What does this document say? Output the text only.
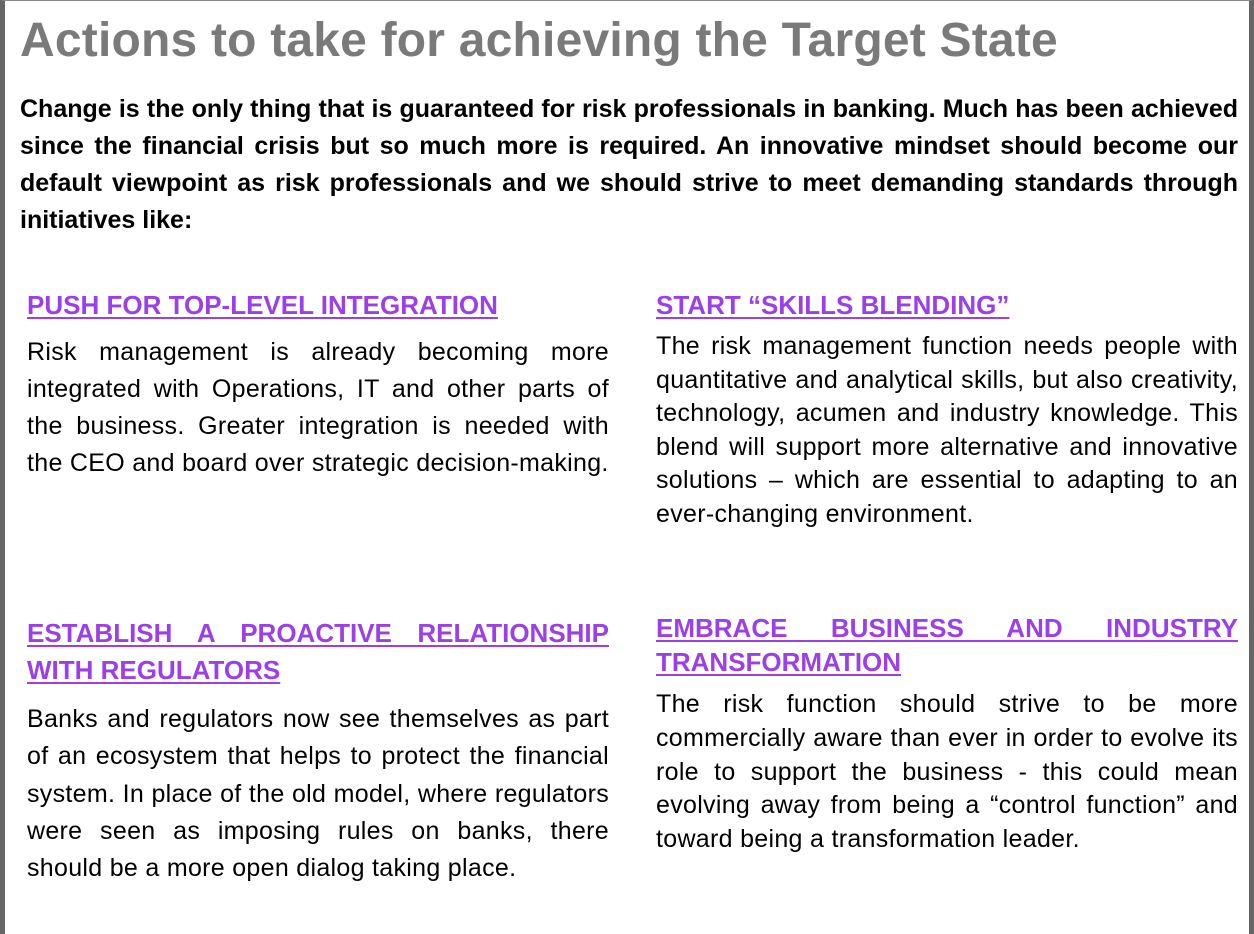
Actions to take for achieving the Target State

Change is the only thing that is guaranteed for risk professionals in banking. Much has been achieved since the financial crisis but so much more is required. An innovative mindset should become our default viewpoint as risk professionals and we should strive to meet demanding standards through initiatives like:

PUSH FOR TOP-LEVEL INTEGRATION

Risk management is already becoming more integrated with Operations, IT and other parts of the business. Greater integration is needed with the CEO and board over strategic decision-making.

START “SKILLS BLENDING”

The risk management function needs people with quantitative and analytical skills, but also creativity, technology, acumen and industry knowledge. This blend will support more alternative and innovative solutions – which are essential to adapting to an ever-changing environment.

ESTABLISH A PROACTIVE RELATIONSHIP WITH REGULATORS

Banks and regulators now see themselves as part of an ecosystem that helps to protect the financial system. In place of the old model, where regulators were seen as imposing rules on banks, there should be a more open dialog taking place.

EMBRACE BUSINESS AND INDUSTRY TRANSFORMATION

The risk function should strive to be more commercially aware than ever in order to evolve its role to support the business - this could mean evolving away from being a “control function” and toward being a transformation leader.
